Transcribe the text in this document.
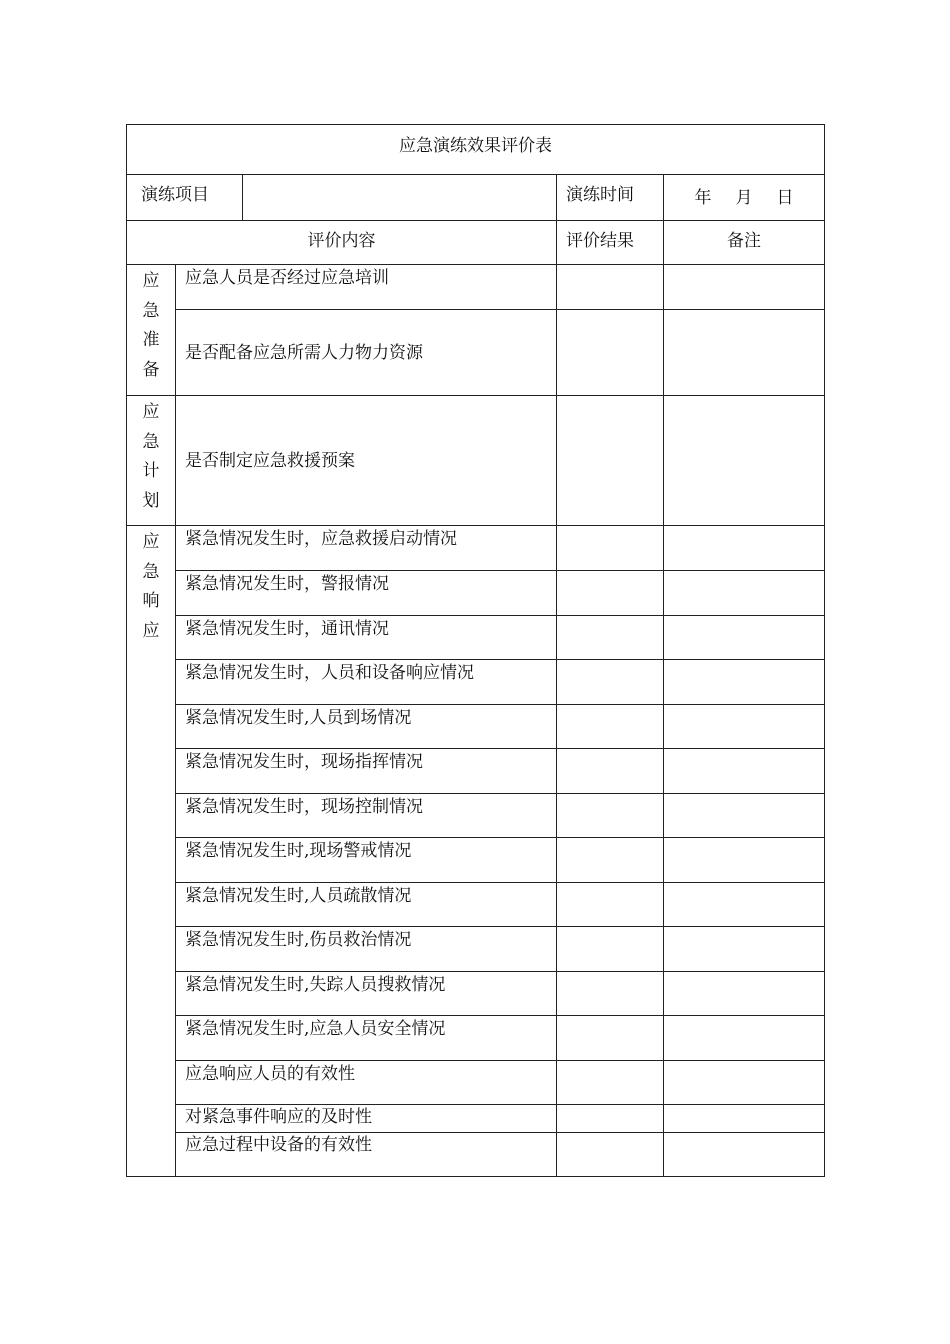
应急演练效果评价表				

演练项目			演练时间	年 月 日

评价内容			评价结果	备注

应急准备	应急人员是否经过应急培训			

	是否配备应急所需人力物力资源			

应急计划	是否制定应急救援预案			

应急响应	紧急情况发生时，应急救援启动情况			

	紧急情况发生时，警报情况			

	紧急情况发生时，通讯情况			

	紧急情况发生时，人员和设备响应情况			

	紧急情况发生时,人员到场情况			

	紧急情况发生时，现场指挥情况			

	紧急情况发生时，现场控制情况			

	紧急情况发生时,现场警戒情况			

	紧急情况发生时,人员疏散情况			

	紧急情况发生时,伤员救治情况			

	紧急情况发生时,失踪人员搜救情况			

	紧急情况发生时,应急人员安全情况			

	应急响应人员的有效性			

	对紧急事件响应的及时性			

	应急过程中设备的有效性			
